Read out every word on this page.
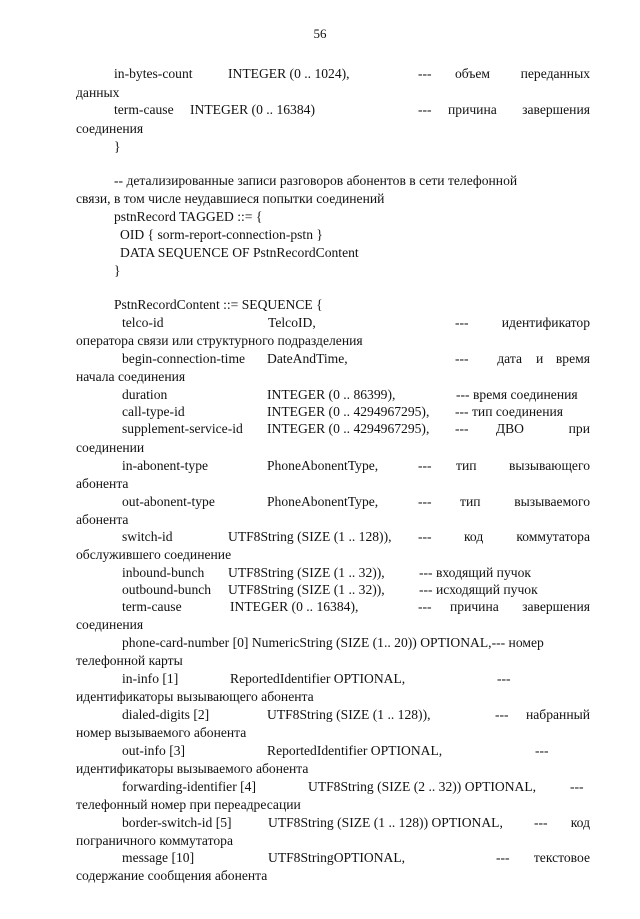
56
in-bytes-count	INTEGER (0 .. 1024),	--- объем переданных
данных
term-cause INTEGER (0 .. 16384)	--- причина завершения
соединения
}
-- детализированные записи разговоров абонентов в сети телефонной
связи, в том числе неудавшиеся попытки соединений
pstnRecord TAGGED ::= {
OID { sorm-report-connection-pstn }
DATA SEQUENCE OF PstnRecordContent
}
PstnRecordContent ::= SEQUENCE {
telco-id	TelcoID,	--- идентификатор
оператора связи или структурного подразделения
begin-connection-time DateAndTime,	--- дата и время
начала соединения
duration	INTEGER (0 .. 86399),	--- время соединения
call-type-id	INTEGER (0 .. 4294967295), --- тип соединения
supplement-service-id INTEGER (0 .. 4294967295), --- ДВО	при
соединении
in-abonent-type	PhoneAbonentType,	--- тип вызывающего
абонента
out-abonent-type	PhoneAbonentType,	--- тип вызываемого
абонента
switch-id	UTF8String (SIZE (1 .. 128)), --- код коммутатора
обслужившего соединение
inbound-bunch UTF8String (SIZE (1 .. 32)),	--- входящий пучок
outbound-bunch UTF8String (SIZE (1 .. 32)),	--- исходящий пучок
term-cause	INTEGER (0 .. 16384),	--- причина завершения
соединения
phone-card-number [0] NumericString (SIZE (1.. 20)) OPTIONAL,--- номер
телефонной карты
in-info [1]	ReportedIdentifier OPTIONAL,	---
идентификаторы вызывающего абонента
dialed-digits [2]	UTF8String (SIZE (1 .. 128)),	--- набранный
номер вызываемого абонента
out-info [3]	ReportedIdentifier OPTIONAL,	---
идентификаторы вызываемого абонента
forwarding-identifier [4]	UTF8String (SIZE (2 .. 32)) OPTIONAL, ---
телефонный номер при переадресации
border-switch-id [5]	UTF8String (SIZE (1 .. 128)) OPTIONAL, --- код
пограничного коммутатора
message [10]	UTF8StringOPTIONAL,	--- текстовое
содержание сообщения абонента
